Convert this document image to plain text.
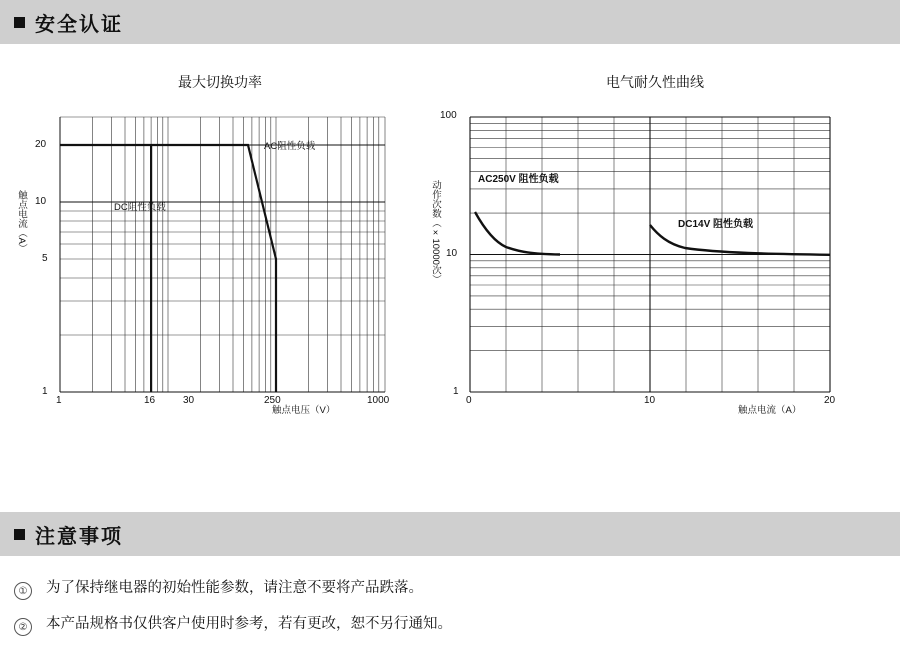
安全认证
最大切换功率
触点电流（A）
触点电压（V）
1
5
10
20
1	16	30	250	1000
DC阻性负载
AC阻性负载
电气耐久性曲线
动作次数（×10000次）
触点电流（A）
1
10
100
0	10	20
AC250V 阻性负载
DC14V 阻性负载
注意事项
①	为了保持继电器的初始性能参数，请注意不要将产品跌落。
②	本产品规格书仅供客户使用时参考，若有更改，恕不另行通知。
